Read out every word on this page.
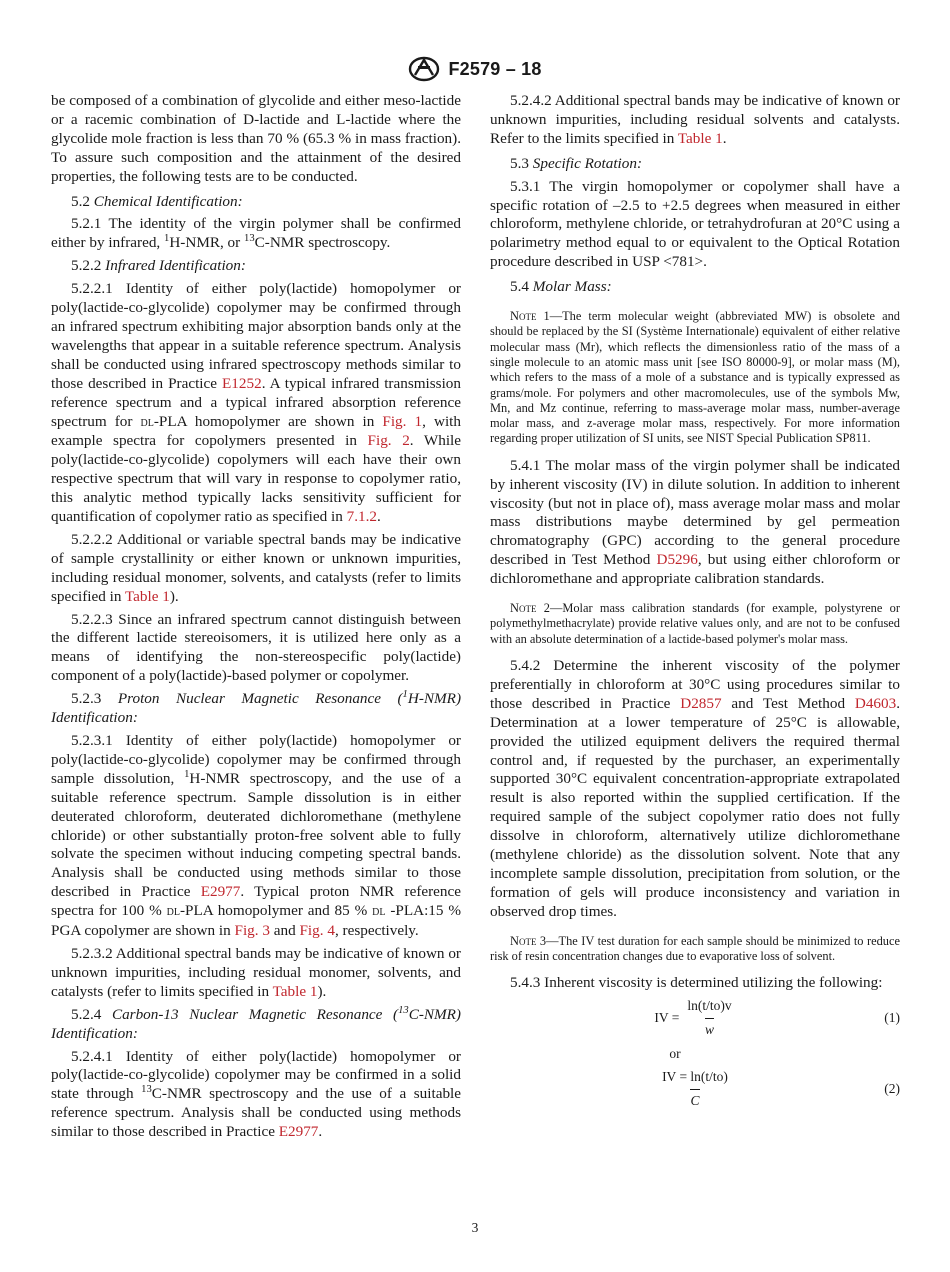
F2579 – 18

be composed of a combination of glycolide and either meso-lactide or a racemic combination of D-lactide and L-lactide where the glycolide mole fraction is less than 70 % (65.3 % in mass fraction). To assure such composition and the attainment of the desired properties, the following tests are to be conducted.

5.2 Chemical Identification:

5.2.1 The identity of the virgin polymer shall be confirmed either by infrared, $^1$H-NMR, or $^{13}$C-NMR spectroscopy.

5.2.2 Infrared Identification:

5.2.2.1 Identity of either poly(lactide) homopolymer or poly(lactide-co-glycolide) copolymer may be confirmed through an infrared spectrum exhibiting major absorption bands only at the wavelengths that appear in a suitable reference spectrum. Analysis shall be conducted using infrared spectroscopy methods similar to those described in Practice E1252. A typical infrared transmission reference spectrum and a typical infrared absorption reference spectrum for dl-PLA homopolymer are shown in Fig. 1, with example spectra for copolymers presented in Fig. 2. While poly(lactide-co-glycolide) copolymers will each have their own respective spectrum that will vary in response to copolymer ratio, this analytic method typically lacks sensitivity sufficient for quantification of copolymer ratio as specified in 7.1.2.

5.2.2.2 Additional or variable spectral bands may be indicative of sample crystallinity or either known or unknown impurities, including residual monomer, solvents, and catalysts (refer to limits specified in Table 1).

5.2.2.3 Since an infrared spectrum cannot distinguish between the different lactide stereoisomers, it is utilized here only as a means of identifying the non-stereospecific poly(lactide) component of a poly(lactide)-based polymer or copolymer.

5.2.3 Proton Nuclear Magnetic Resonance ($^1$H-NMR) Identification:

5.2.3.1 Identity of either poly(lactide) homopolymer or poly(lactide-co-glycolide) copolymer may be confirmed through sample dissolution, $^1$H-NMR spectroscopy, and the use of a suitable reference spectrum. Sample dissolution is in either deuterated chloroform, deuterated dichloromethane (methylene chloride) or other substantially proton-free solvent able to fully solvate the specimen without inducing competing spectral bands. Analysis shall be conducted using methods similar to those described in Practice E2977. Typical proton NMR reference spectra for 100 % dl-PLA homopolymer and 85 % dl -PLA:15 % PGA copolymer are shown in Fig. 3 and Fig. 4, respectively.

5.2.3.2 Additional spectral bands may be indicative of known or unknown impurities, including residual monomer, solvents, and catalysts (refer to limits specified in Table 1).

5.2.4 Carbon-13 Nuclear Magnetic Resonance ($^{13}$C-NMR) Identification:

5.2.4.1 Identity of either poly(lactide) homopolymer or poly(lactide-co-glycolide) copolymer may be confirmed in a solid state through $^{13}$C-NMR spectroscopy and the use of a suitable reference spectrum. Analysis shall be conducted using methods similar to those described in Practice E2977.

5.2.4.2 Additional spectral bands may be indicative of known or unknown impurities, including residual solvents and catalysts. Refer to the limits specified in Table 1.

5.3 Specific Rotation:

5.3.1 The virgin homopolymer or copolymer shall have a specific rotation of –2.5 to +2.5 degrees when measured in either chloroform, methylene chloride, or tetrahydrofuran at 20°C using a polarimetry method equal to or equivalent to the Optical Rotation procedure described in USP <781>.

5.4 Molar Mass:

Note 1—The term molecular weight (abbreviated MW) is obsolete and should be replaced by the SI (Système Internationale) equivalent of either relative molecular mass (Mr), which reflects the dimensionless ratio of the mass of a single molecule to an atomic mass unit [see ISO 80000-9], or molar mass (M), which refers to the mass of a mole of a substance and is typically expressed as grams/mole. For polymers and other macromolecules, use of the symbols Mw, Mn, and Mz continue, referring to mass-average molar mass, number-average molar mass, and z-average molar mass, respectively. For more information regarding proper utilization of SI units, see NIST Special Publication SP811.

5.4.1 The molar mass of the virgin polymer shall be indicated by inherent viscosity (IV) in dilute solution. In addition to inherent viscosity (but not in place of), mass average molar mass and molar mass distributions maybe determined by gel permeation chromatography (GPC) according to the general procedure described in Test Method D5296, but using either chloroform or dichloromethane and appropriate calibration standards.

Note 2—Molar mass calibration standards (for example, polystyrene or polymethylmethacrylate) provide relative values only, and are not to be confused with an absolute determination of a lactide-based polymer's molar mass.

5.4.2 Determine the inherent viscosity of the polymer preferentially in chloroform at 30°C using procedures similar to those described in Practice D2857 and Test Method D4603. Determination at a lower temperature of 25°C is allowable, provided the utilized equipment delivers the required thermal control and, if requested by the purchaser, an experimentally supported 30°C equivalent concentration-appropriate extrapolated result is also reported within the supplied certification. If the required sample of the subject copolymer ratio does not fully dissolve in chloroform, alternatively utilize dichloromethane (methylene chloride) as the dissolution solvent. Note that any incomplete sample dissolution, precipitation from solution, or the formation of gels will produce inconsistency and variation in observed drop times.

Note 3—The IV test duration for each sample should be minimized to reduce risk of resin concentration changes due to evaporative loss of solvent.

5.4.3 Inherent viscosity is determined utilizing the following:

IV = $\frac{\ln(t/to)v}{w}$	(1)
or
$\frac{IV = \ln(t/to)}{C}$	(2)
3
